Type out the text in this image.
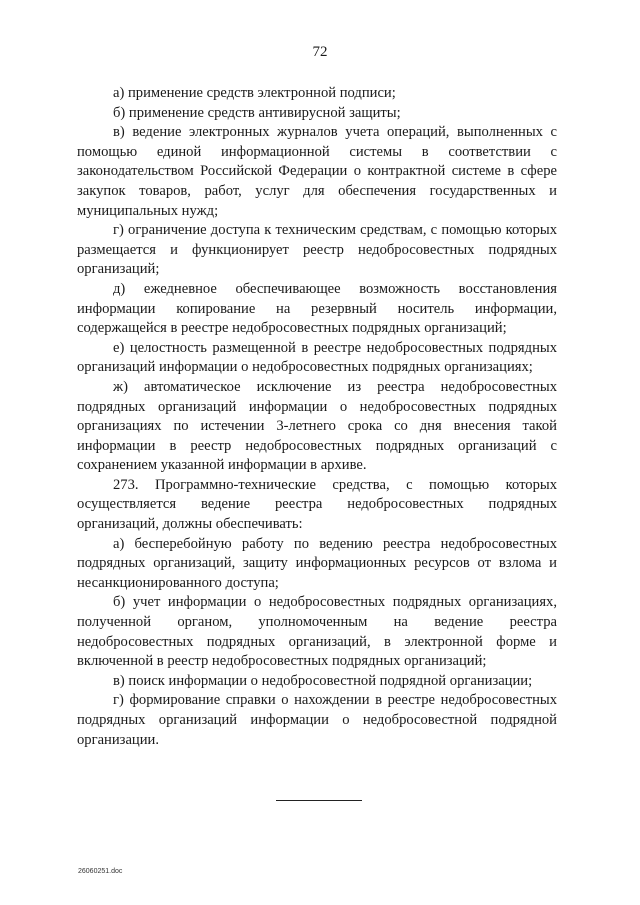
72

а) применение средств электронной подписи;

б) применение средств антивирусной защиты;

в) ведение электронных журналов учета операций, выполненных с помощью единой информационной системы в соответствии с законодательством Российской Федерации о контрактной системе в сфере закупок товаров, работ, услуг для обеспечения государственных и муниципальных нужд;

г) ограничение доступа к техническим средствам, с помощью которых размещается и функционирует реестр недобросовестных подрядных организаций;

д) ежедневное обеспечивающее возможность восстановления информации копирование на резервный носитель информации, содержащейся в реестре недобросовестных подрядных организаций;

е) целостность размещенной в реестре недобросовестных подрядных организаций информации о недобросовестных подрядных организациях;

ж) автоматическое исключение из реестра недобросовестных подрядных организаций информации о недобросовестных подрядных организациях по истечении 3-летнего срока со дня внесения такой информации в реестр недобросовестных подрядных организаций с сохранением указанной информации в архиве.

273. Программно-технические средства, с помощью которых осуществляется ведение реестра недобросовестных подрядных организаций, должны обеспечивать:

а) бесперебойную работу по ведению реестра недобросовестных подрядных организаций, защиту информационных ресурсов от взлома и несанкционированного доступа;

б) учет информации о недобросовестных подрядных организациях, полученной органом, уполномоченным на ведение реестра недобросовестных подрядных организаций, в электронной форме и включенной в реестр недобросовестных подрядных организаций;

в) поиск информации о недобросовестной подрядной организации;

г) формирование справки о нахождении в реестре недобросовестных подрядных организаций информации о недобросовестной подрядной организации.

26060251.doc
